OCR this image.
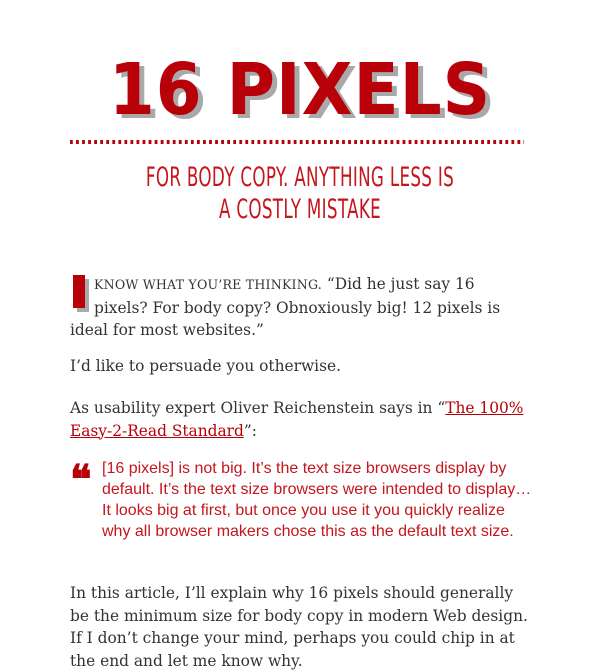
16 PIXELS
FOR BODY COPY. ANYTHING LESS IS
A COSTLY MISTAKE

KNOW WHAT YOU’RE THINKING. “Did he just say 16 pixels? For body copy? Obnoxiously big! 12 pixels is ideal for most websites.”

I’d like to persuade you otherwise.

As usability expert Oliver Reichenstein says in “The 100% Easy-2-Read Standard”:

❝ [16 pixels] is not big. It’s the text size browsers display by default. It’s the text size browsers were intended to display… It looks big at first, but once you use it you quickly realize why all browser makers chose this as the default text size.

In this article, I’ll explain why 16 pixels should generally be the minimum size for body copy in modern Web design. If I don’t change your mind, perhaps you could chip in at the end and let me know why.
